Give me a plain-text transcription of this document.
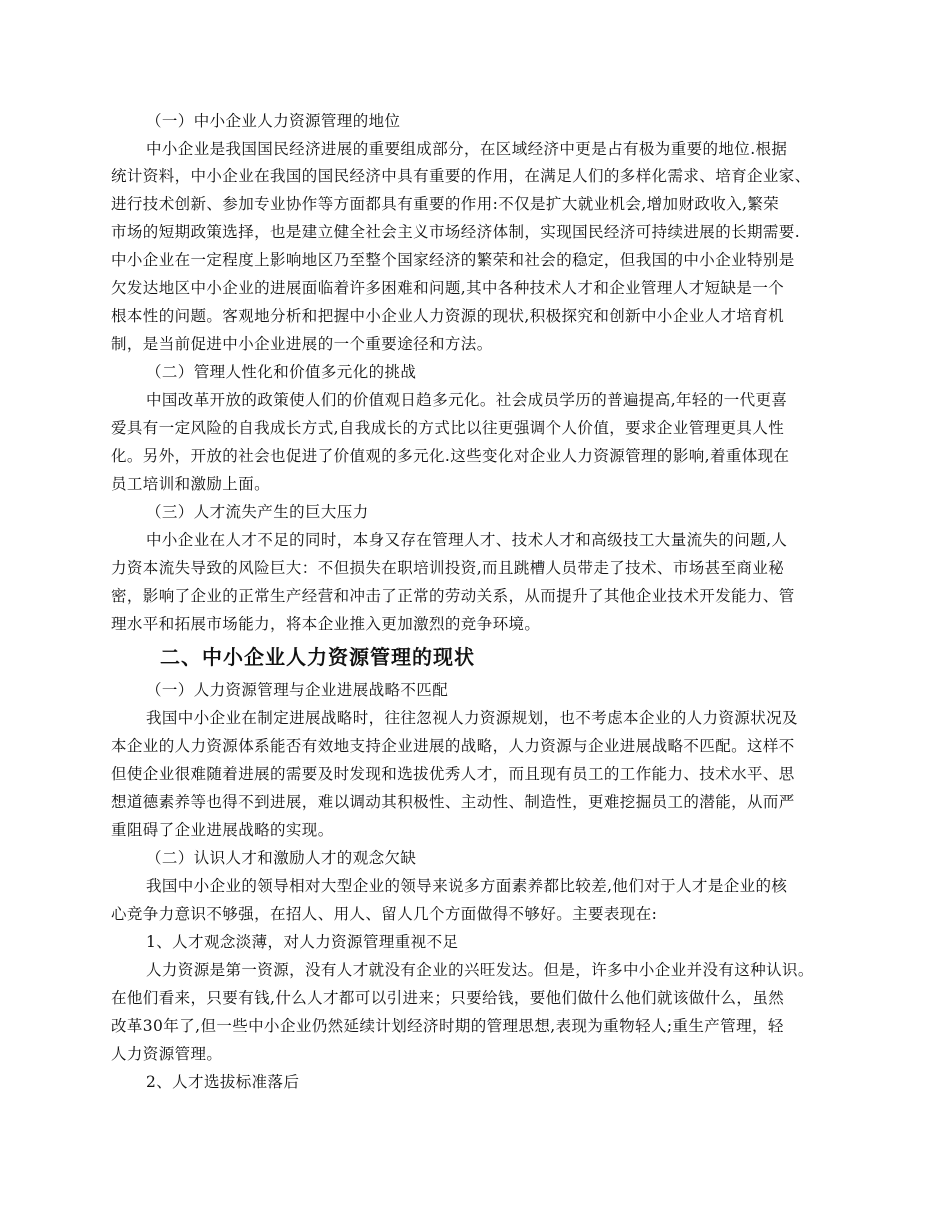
（一）中小企业人力资源管理的地位
中小企业是我国国民经济进展的重要组成部分，在区域经济中更是占有极为重要的地位.根据
统计资料，中小企业在我国的国民经济中具有重要的作用，在满足人们的多样化需求、培育企业家、
进行技术创新、参加专业协作等方面都具有重要的作用:不仅是扩大就业机会,增加财政收入,繁荣
市场的短期政策选择，也是建立健全社会主义市场经济体制，实现国民经济可持续进展的长期需要.
中小企业在一定程度上影响地区乃至整个国家经济的繁荣和社会的稳定，但我国的中小企业特别是
欠发达地区中小企业的进展面临着许多困难和问题,其中各种技术人才和企业管理人才短缺是一个
根本性的问题。客观地分析和把握中小企业人力资源的现状,积极探究和创新中小企业人才培育机
制，是当前促进中小企业进展的一个重要途径和方法。
（二）管理人性化和价值多元化的挑战
中国改革开放的政策使人们的价值观日趋多元化。社会成员学历的普遍提高,年轻的一代更喜
爱具有一定风险的自我成长方式,自我成长的方式比以往更强调个人价值，要求企业管理更具人性
化。另外，开放的社会也促进了价值观的多元化.这些变化对企业人力资源管理的影响,着重体现在
员工培训和激励上面。
（三）人才流失产生的巨大压力
中小企业在人才不足的同时，本身又存在管理人才、技术人才和高级技工大量流失的问题,人
力资本流失导致的风险巨大：不但损失在职培训投资,而且跳槽人员带走了技术、市场甚至商业秘
密，影响了企业的正常生产经营和冲击了正常的劳动关系，从而提升了其他企业技术开发能力、管
理水平和拓展市场能力，将本企业推入更加激烈的竞争环境。
二、中小企业人力资源管理的现状
（一）人力资源管理与企业进展战略不匹配
我国中小企业在制定进展战略时，往往忽视人力资源规划，也不考虑本企业的人力资源状况及
本企业的人力资源体系能否有效地支持企业进展的战略，人力资源与企业进展战略不匹配。这样不
但使企业很难随着进展的需要及时发现和选拔优秀人才，而且现有员工的工作能力、技术水平、思
想道德素养等也得不到进展，难以调动其积极性、主动性、制造性，更难挖掘员工的潜能，从而严
重阻碍了企业进展战略的实现。
（二）认识人才和激励人才的观念欠缺
我国中小企业的领导相对大型企业的领导来说多方面素养都比较差,他们对于人才是企业的核
心竞争力意识不够强，在招人、用人、留人几个方面做得不够好。主要表现在:
1、人才观念淡薄，对人力资源管理重视不足
人力资源是第一资源，没有人才就没有企业的兴旺发达。但是，许多中小企业并没有这种认识。
在他们看来，只要有钱,什么人才都可以引进来；只要给钱，要他们做什么他们就该做什么，虽然
改革30年了,但一些中小企业仍然延续计划经济时期的管理思想,表现为重物轻人;重生产管理，轻
人力资源管理。
2、人才选拔标准落后
